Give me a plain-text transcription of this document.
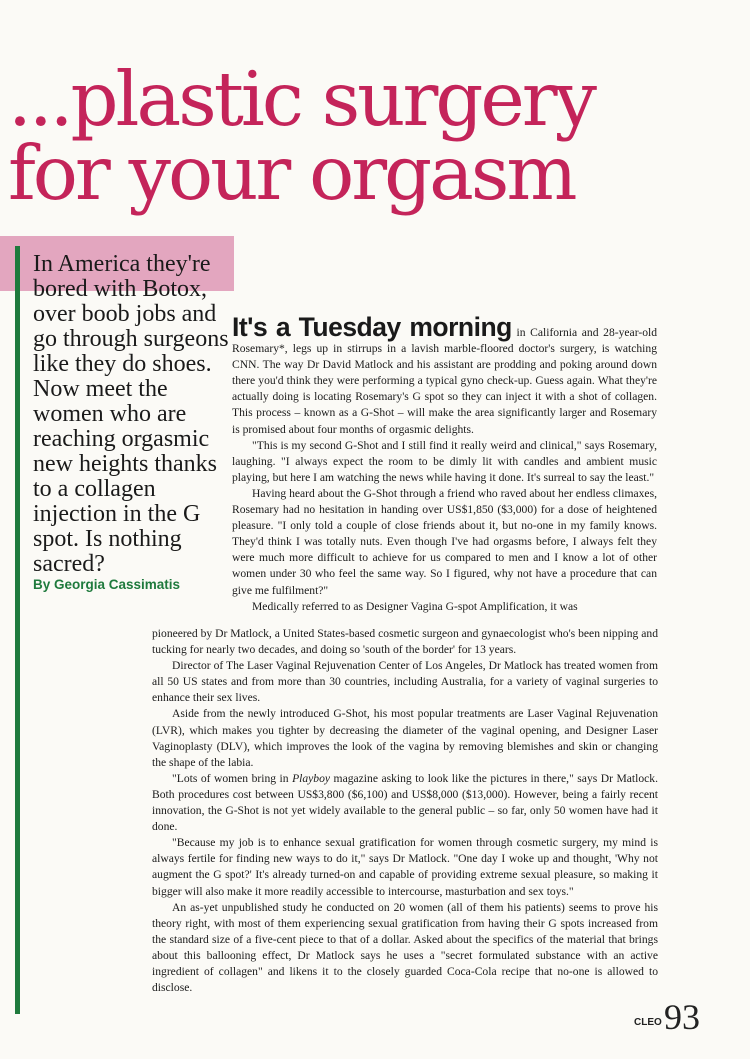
...plastic surgery
for your orgasm
In America they're bored with Botox, over boob jobs and go through surgeons like they do shoes. Now meet the women who are reaching orgasmic new heights thanks to a collagen injection in the G spot. Is nothing sacred?
By Georgia Cassimatis

It's a Tuesday morning in California and 28-year-old Rosemary*, legs up in stirrups in a lavish marble-floored doctor's surgery, is watching CNN. The way Dr David Matlock and his assistant are prodding and poking around down there you'd think they were performing a typical gyno check-up. Guess again. What they're actually doing is locating Rosemary's G spot so they can inject it with a shot of collagen. This process – known as a G-Shot – will make the area significantly larger and Rosemary is promised about four months of orgasmic delights.

"This is my second G-Shot and I still find it really weird and clinical," says Rosemary, laughing. "I always expect the room to be dimly lit with candles and ambient music playing, but here I am watching the news while having it done. It's surreal to say the least."

Having heard about the G-Shot through a friend who raved about her endless climaxes, Rosemary had no hesitation in handing over US$1,850 ($3,000) for a dose of heightened pleasure. "I only told a couple of close friends about it, but no-one in my family knows. They'd think I was totally nuts. Even though I've had orgasms before, I always felt they were much more difficult to achieve for us compared to men and I know a lot of other women under 30 who feel the same way. So I figured, why not have a procedure that can give me fulfilment?"

Medically referred to as Designer Vagina G-spot Amplification, it was

pioneered by Dr Matlock, a United States-based cosmetic surgeon and gynaecologist who's been nipping and tucking for nearly two decades, and doing so 'south of the border' for 13 years.

Director of The Laser Vaginal Rejuvenation Center of Los Angeles, Dr Matlock has treated women from all 50 US states and from more than 30 countries, including Australia, for a variety of vaginal surgeries to enhance their sex lives.

Aside from the newly introduced G-Shot, his most popular treatments are Laser Vaginal Rejuvenation (LVR), which makes you tighter by decreasing the diameter of the vaginal opening, and Designer Laser Vaginoplasty (DLV), which improves the look of the vagina by removing blemishes and skin or changing the shape of the labia.

"Lots of women bring in Playboy magazine asking to look like the pictures in there," says Dr Matlock. Both procedures cost between US$3,800 ($6,100) and US$8,000 ($13,000). However, being a fairly recent innovation, the G-Shot is not yet widely available to the general public – so far, only 50 women have had it done.

"Because my job is to enhance sexual gratification for women through cosmetic surgery, my mind is always fertile for finding new ways to do it," says Dr Matlock. "One day I woke up and thought, 'Why not augment the G spot?' It's already turned-on and capable of providing extreme sexual pleasure, so making it bigger will also make it more readily accessible to intercourse, masturbation and sex toys."

An as-yet unpublished study he conducted on 20 women (all of them his patients) seems to prove his theory right, with most of them experiencing sexual gratification from having their G spots increased from the standard size of a five-cent piece to that of a dollar. Asked about the specifics of the material that brings about this ballooning effect, Dr Matlock says he uses a "secret formulated substance with an active ingredient of collagen" and likens it to the closely guarded Coca-Cola recipe that no-one is allowed to disclose.

CLEO 93
